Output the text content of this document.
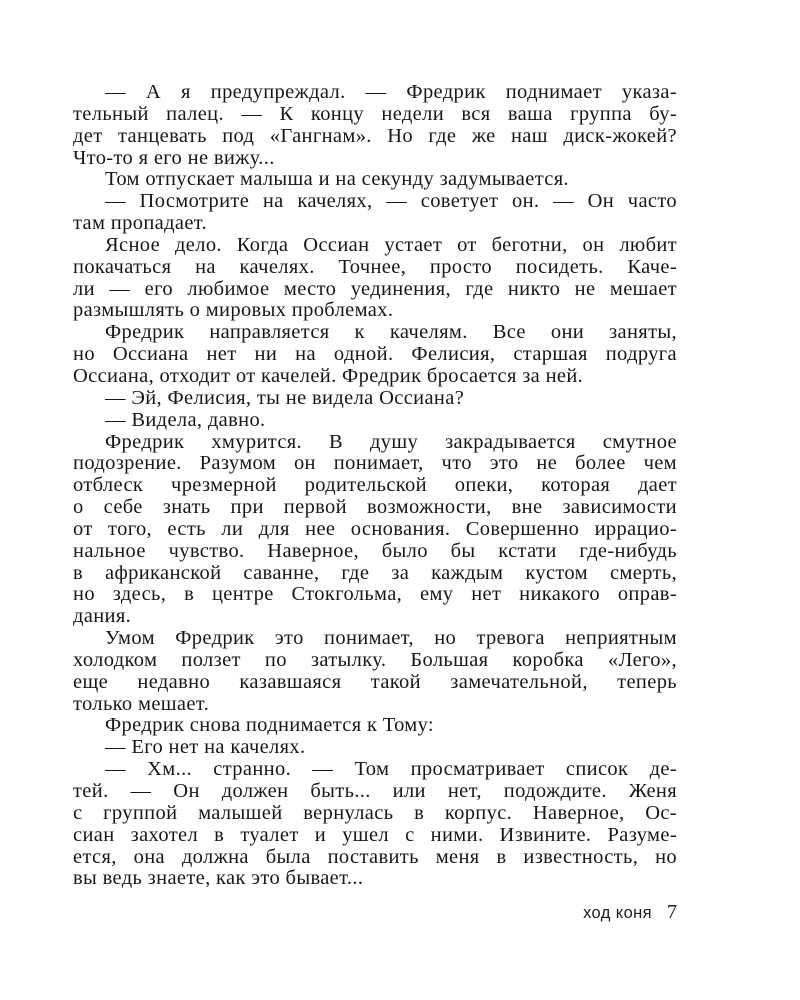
— А я предупреждал. — Фредрик поднимает указа-
тельный палец. — К концу недели вся ваша группа бу-
дет танцевать под «Гангнам». Но где же наш диск-жокей?
Что-то я его не вижу...
Том отпускает малыша и на секунду задумывается.
— Посмотрите на качелях, — советует он. — Он часто
там пропадает.
Ясное дело. Когда Оссиан устает от беготни, он любит
покачаться на качелях. Точнее, просто посидеть. Каче-
ли — его любимое место уединения, где никто не мешает
размышлять о мировых проблемах.
Фредрик направляется к качелям. Все они заняты,
но Оссиана нет ни на одной. Фелисия, старшая подруга
Оссиана, отходит от качелей. Фредрик бросается за ней.
— Эй, Фелисия, ты не видела Оссиана?
— Видела, давно.
Фредрик хмурится. В душу закрадывается смутное
подозрение. Разумом он понимает, что это не более чем
отблеск чрезмерной родительской опеки, которая дает
о себе знать при первой возможности, вне зависимости
от того, есть ли для нее основания. Совершенно иррацио-
нальное чувство. Наверное, было бы кстати где-нибудь
в африканской саванне, где за каждым кустом смерть,
но здесь, в центре Стокгольма, ему нет никакого оправ-
дания.
Умом Фредрик это понимает, но тревога неприятным
холодком ползет по затылку. Большая коробка «Лего»,
еще недавно казавшаяся такой замечательной, теперь
только мешает.
Фредрик снова поднимается к Тому:
— Его нет на качелях.
— Хм... странно. — Том просматривает список де-
тей. — Он должен быть... или нет, подождите. Женя
с группой малышей вернулась в корпус. Наверное, Ос-
сиан захотел в туалет и ушел с ними. Извините. Разуме-
ется, она должна была поставить меня в известность, но
вы ведь знаете, как это бывает...
ход коня 7
